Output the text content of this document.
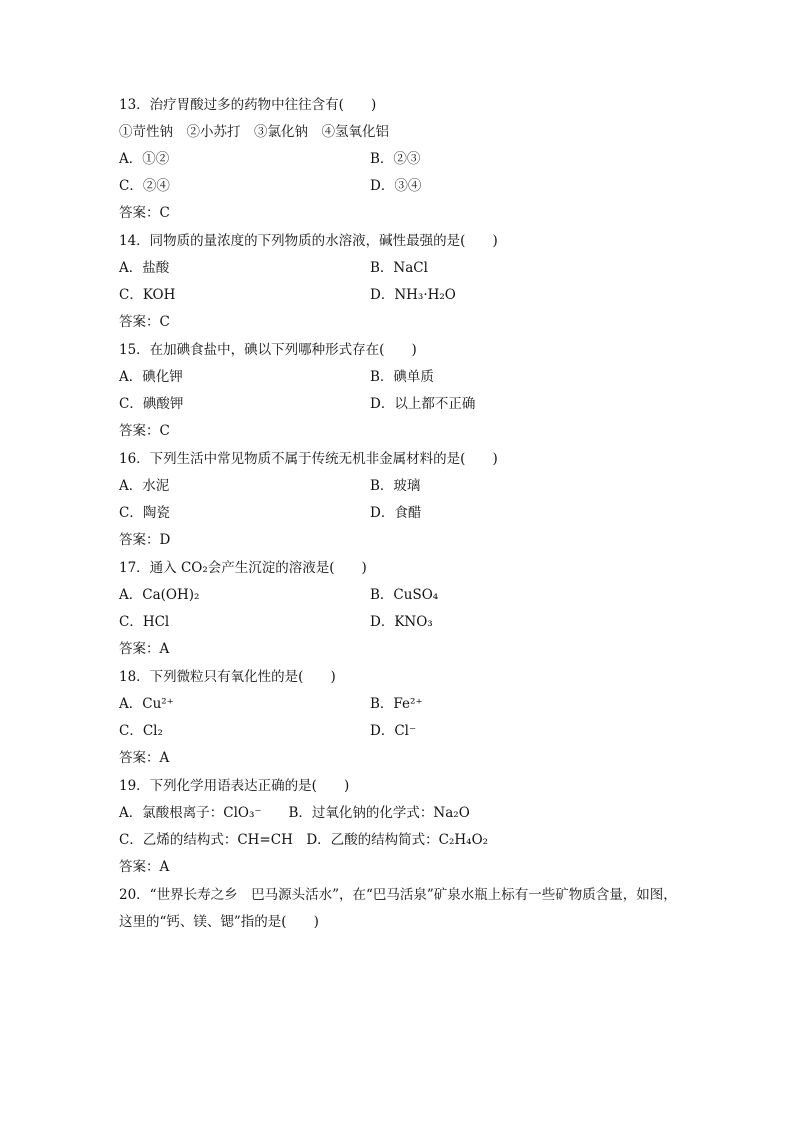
13．治疗胃酸过多的药物中往往含有(　　)
①苛性钠　②小苏打　③氯化钠　④氢氧化铝
A．①②	B．②③
C．②④	D．③④
答案：C
14．同物质的量浓度的下列物质的水溶液，碱性最强的是(　　)
A．盐酸	B．NaCl
C．KOH	D．NH₃·H₂O
答案：C
15．在加碘食盐中，碘以下列哪种形式存在(　　)
A．碘化钾	B．碘单质
C．碘酸钾	D．以上都不正确
答案：C
16．下列生活中常见物质不属于传统无机非金属材料的是(　　)
A．水泥	B．玻璃
C．陶瓷	D．食醋
答案：D
17．通入 CO₂会产生沉淀的溶液是(　　)
A．Ca(OH)₂	B．CuSO₄
C．HCl	D．KNO₃
答案：A
18．下列微粒只有氧化性的是(　　)
A．Cu²⁺	B．Fe²⁺
C．Cl₂	D．Cl⁻
答案：A
19．下列化学用语表达正确的是(　　)
A．氯酸根离子：ClO₃⁻　　B．过氧化钠的化学式：Na₂O
C．乙烯的结构式：CH=CH　D．乙酸的结构简式：C₂H₄O₂
答案：A
20．“世界长寿之乡　巴马源头活水”，在“巴马活泉”矿泉水瓶上标有一些矿物质含量，如图，
这里的“钙、镁、锶”指的是(　　)
